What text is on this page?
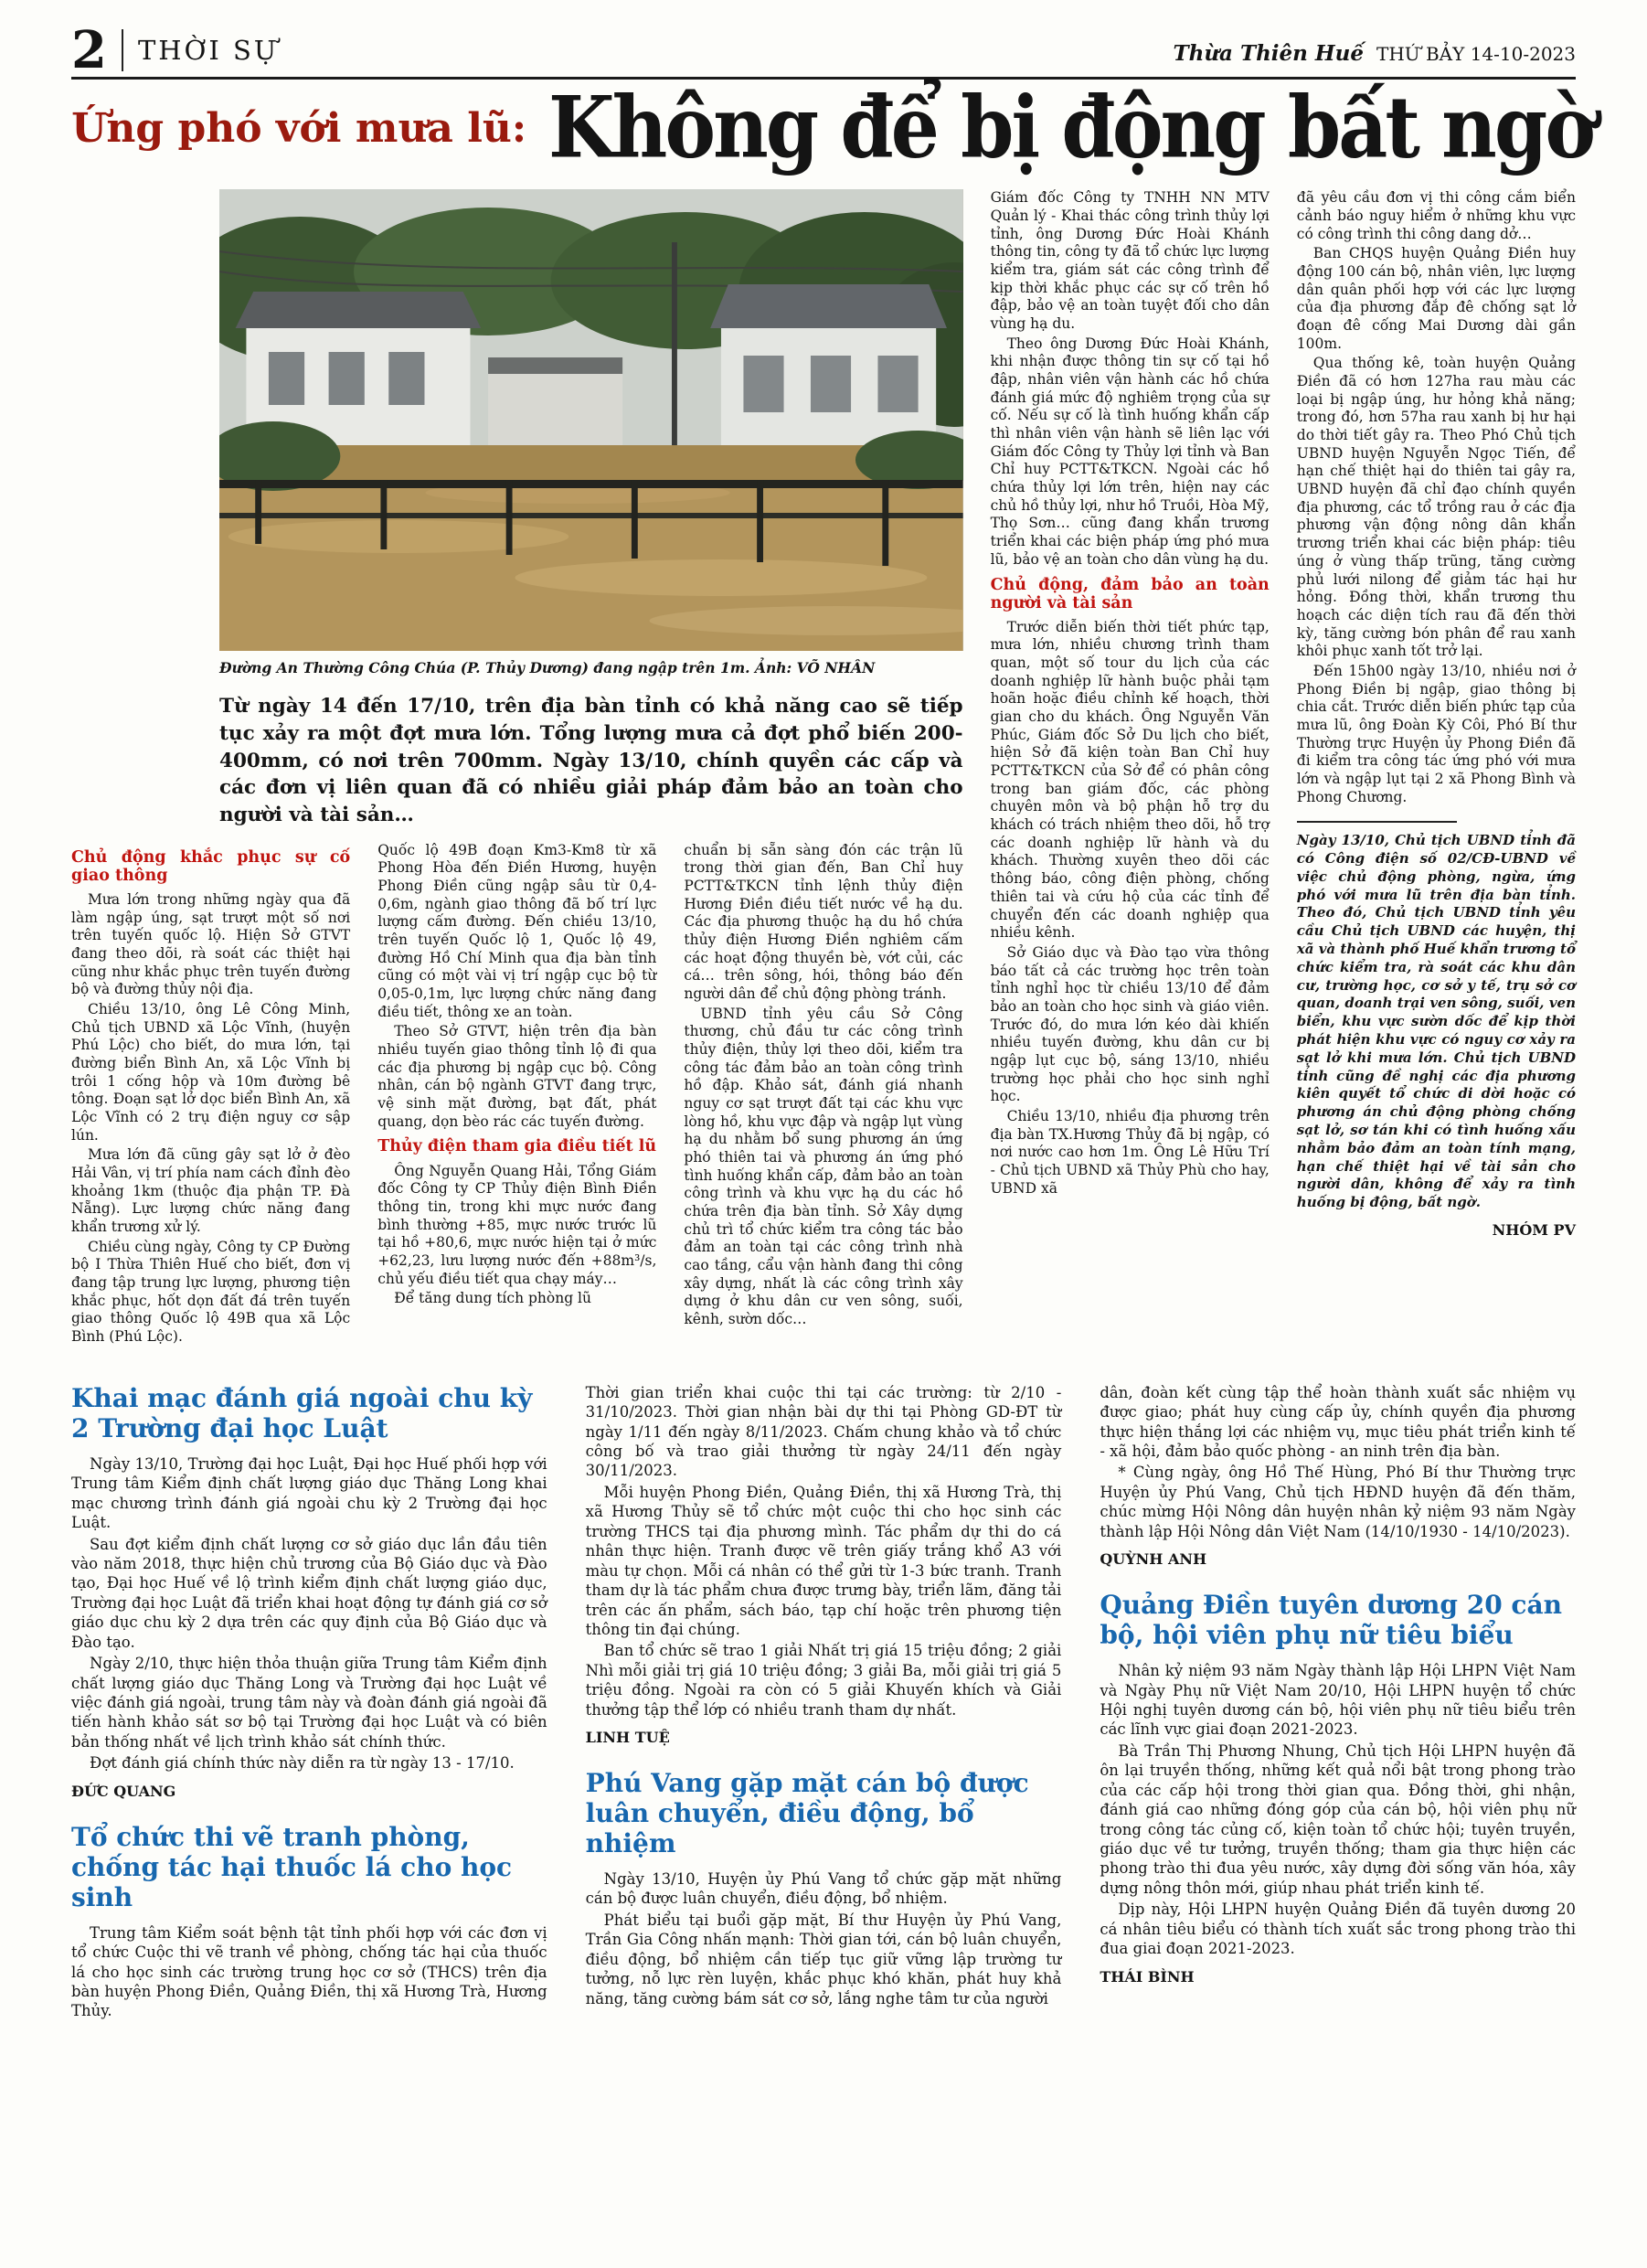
2 THỜI SỰ	Thừa Thiên Huế THỨ BẢY 14-10-2023
Ứng phó với mưa lũ: Không để bị động bất ngờ
Đường An Thường Công Chúa (P. Thủy Dương) đang ngập trên 1m. Ảnh: VÕ NHÂN

Từ ngày 14 đến 17/10, trên địa bàn tỉnh có khả năng cao sẽ tiếp tục xảy ra một đợt mưa lớn. Tổng lượng mưa cả đợt phổ biến 200-400mm, có nơi trên 700mm. Ngày 13/10, chính quyền các cấp và các đơn vị liên quan đã có nhiều giải pháp đảm bảo an toàn cho người và tài sản…

Chủ động khắc phục sự cố giao thông

Mưa lớn trong những ngày qua đã làm ngập úng, sạt trượt một số nơi trên tuyến quốc lộ. Hiện Sở GTVT đang theo dõi, rà soát các thiệt hại cũng như khắc phục trên tuyến đường bộ và đường thủy nội địa.

Chiều 13/10, ông Lê Công Minh, Chủ tịch UBND xã Lộc Vĩnh, (huyện Phú Lộc) cho biết, do mưa lớn, tại đường biển Bình An, xã Lộc Vĩnh bị trôi 1 cống hộp và 10m đường bê tông. Đoạn sạt lở dọc biển Bình An, xã Lộc Vĩnh có 2 trụ điện nguy cơ sập lún.

Mưa lớn đã cũng gây sạt lở ở đèo Hải Vân, vị trí phía nam cách đỉnh đèo khoảng 1km (thuộc địa phận TP. Đà Nẵng). Lực lượng chức năng đang khẩn trương xử lý.

Chiều cùng ngày, Công ty CP Đường bộ I Thừa Thiên Huế cho biết, đơn vị đang tập trung lực lượng, phương tiện khắc phục, hốt dọn đất đá trên tuyến giao thông Quốc lộ 49B qua xã Lộc Bình (Phú Lộc).

Quốc lộ 49B đoạn Km3-Km8 từ xã Phong Hòa đến Điền Hương, huyện Phong Điền cũng ngập sâu từ 0,4-0,6m, ngành giao thông đã bố trí lực lượng cấm đường. Đến chiều 13/10, trên tuyến Quốc lộ 1, Quốc lộ 49, đường Hồ Chí Minh qua địa bàn tỉnh cũng có một vài vị trí ngập cục bộ từ 0,05-0,1m, lực lượng chức năng đang điều tiết, thông xe an toàn.

Theo Sở GTVT, hiện trên địa bàn nhiều tuyến giao thông tỉnh lộ đi qua các địa phương bị ngập cục bộ. Công nhân, cán bộ ngành GTVT đang trực, vệ sinh mặt đường, bạt đất, phát quang, dọn bèo rác các tuyến đường.

Thủy điện tham gia điều tiết lũ

Ông Nguyễn Quang Hải, Tổng Giám đốc Công ty CP Thủy điện Bình Điền thông tin, trong khi mực nước đang bình thường +85, mực nước trước lũ tại hồ +80,6, mực nước hiện tại ở mức +62,23, lưu lượng nước đến +88m³/s, chủ yếu điều tiết qua chạy máy…

Để tăng dung tích phòng lũ

chuẩn bị sẵn sàng đón các trận lũ trong thời gian đến, Ban Chỉ huy PCTT&TKCN tỉnh lệnh thủy điện Hương Điền điều tiết nước về hạ du. Các địa phương thuộc hạ du hồ chứa thủy điện Hương Điền nghiêm cấm các hoạt động thuyền bè, vớt củi, các cá… trên sông, hói, thông báo đến người dân để chủ động phòng tránh.

UBND tỉnh yêu cầu Sở Công thương, chủ đầu tư các công trình thủy điện, thủy lợi theo dõi, kiểm tra công tác đảm bảo an toàn công trình hồ đập. Khảo sát, đánh giá nhanh nguy cơ sạt trượt đất tại các khu vực lòng hồ, khu vực đập và ngập lụt vùng hạ du nhằm bổ sung phương án ứng phó thiên tai và phương án ứng phó tình huống khẩn cấp, đảm bảo an toàn công trình và khu vực hạ du các hồ chứa trên địa bàn tỉnh. Sở Xây dựng chủ trì tổ chức kiểm tra công tác bảo đảm an toàn tại các công trình nhà cao tầng, cẩu vận hành đang thi công xây dựng, nhất là các công trình xây dựng ở khu dân cư ven sông, suối, kênh, sườn dốc…

Giám đốc Công ty TNHH NN MTV Quản lý - Khai thác công trình thủy lợi tỉnh, ông Dương Đức Hoài Khánh thông tin, công ty đã tổ chức lực lượng kiểm tra, giám sát các công trình để kịp thời khắc phục các sự cố trên hồ đập, bảo vệ an toàn tuyệt đối cho dân vùng hạ du.

Theo ông Dương Đức Hoài Khánh, khi nhận được thông tin sự cố tại hồ đập, nhân viên vận hành các hồ chứa đánh giá mức độ nghiêm trọng của sự cố. Nếu sự cố là tình huống khẩn cấp thì nhân viên vận hành sẽ liên lạc với Giám đốc Công ty Thủy lợi tỉnh và Ban Chỉ huy PCTT&TKCN. Ngoài các hồ chứa thủy lợi lớn trên, hiện nay các chủ hồ thủy lợi, như hồ Truồi, Hòa Mỹ, Thọ Sơn… cũng đang khẩn trương triển khai các biện pháp ứng phó mưa lũ, bảo vệ an toàn cho dân vùng hạ du.

Chủ động, đảm bảo an toàn người và tài sản

Trước diễn biến thời tiết phức tạp, mưa lớn, nhiều chương trình tham quan, một số tour du lịch của các doanh nghiệp lữ hành buộc phải tạm hoãn hoặc điều chỉnh kế hoạch, thời gian cho du khách. Ông Nguyễn Văn Phúc, Giám đốc Sở Du lịch cho biết, hiện Sở đã kiện toàn Ban Chỉ huy PCTT&TKCN của Sở để có phân công trong ban giám đốc, các phòng chuyên môn và bộ phận hỗ trợ du khách có trách nhiệm theo dõi, hỗ trợ các doanh nghiệp lữ hành và du khách. Thường xuyên theo dõi các thông báo, công điện phòng, chống thiên tai và cứu hộ của các tỉnh để chuyển đến các doanh nghiệp qua nhiều kênh.

Sở Giáo dục và Đào tạo vừa thông báo tất cả các trường học trên toàn tỉnh nghỉ học từ chiều 13/10 để đảm bảo an toàn cho học sinh và giáo viên. Trước đó, do mưa lớn kéo dài khiến nhiều tuyến đường, khu dân cư bị ngập lụt cục bộ, sáng 13/10, nhiều trường học phải cho học sinh nghỉ học.

Chiều 13/10, nhiều địa phương trên địa bàn TX.Hương Thủy đã bị ngập, có nơi nước cao hơn 1m. Ông Lê Hữu Trí - Chủ tịch UBND xã Thủy Phù cho hay, UBND xã

đã yêu cầu đơn vị thi công cắm biển cảnh báo nguy hiểm ở những khu vực có công trình thi công dang dở…

Ban CHQS huyện Quảng Điền huy động 100 cán bộ, nhân viên, lực lượng dân quân phối hợp với các lực lượng của địa phương đắp đê chống sạt lở đoạn đê cống Mai Dương dài gần 100m.

Qua thống kê, toàn huyện Quảng Điền đã có hơn 127ha rau màu các loại bị ngập úng, hư hỏng khả năng; trong đó, hơn 57ha rau xanh bị hư hại do thời tiết gây ra. Theo Phó Chủ tịch UBND huyện Nguyễn Ngọc Tiến, để hạn chế thiệt hại do thiên tai gây ra, UBND huyện đã chỉ đạo chính quyền địa phương, các tổ trồng rau ở các địa phương vận động nông dân khẩn trương triển khai các biện pháp: tiêu úng ở vùng thấp trũng, tăng cường phủ lưới nilong để giảm tác hại hư hỏng. Đồng thời, khẩn trương thu hoạch các diện tích rau đã đến thời kỳ, tăng cường bón phân để rau xanh khôi phục xanh tốt trở lại.

Đến 15h00 ngày 13/10, nhiều nơi ở Phong Điền bị ngập, giao thông bị chia cắt. Trước diễn biến phức tạp của mưa lũ, ông Đoàn Kỳ Côi, Phó Bí thư Thường trực Huyện ủy Phong Điền đã đi kiểm tra công tác ứng phó với mưa lớn và ngập lụt tại 2 xã Phong Bình và Phong Chương.

Ngày 13/10, Chủ tịch UBND tỉnh đã có Công điện số 02/CĐ-UBND về việc chủ động phòng, ngừa, ứng phó với mưa lũ trên địa bàn tỉnh. Theo đó, Chủ tịch UBND tỉnh yêu cầu Chủ tịch UBND các huyện, thị xã và thành phố Huế khẩn trương tổ chức kiểm tra, rà soát các khu dân cư, trường học, cơ sở y tế, trụ sở cơ quan, doanh trại ven sông, suối, ven biển, khu vực sườn dốc để kịp thời phát hiện khu vực có nguy cơ xảy ra sạt lở khi mưa lớn. Chủ tịch UBND tỉnh cũng đề nghị các địa phương kiên quyết tổ chức di dời hoặc có phương án chủ động phòng chống sạt lở, sơ tán khi có tình huống xấu nhằm bảo đảm an toàn tính mạng, hạn chế thiệt hại về tài sản cho người dân, không để xảy ra tình huống bị động, bất ngờ.

NHÓM PV

Khai mạc đánh giá ngoài chu kỳ 2 Trường đại học Luật

Ngày 13/10, Trường đại học Luật, Đại học Huế phối hợp với Trung tâm Kiểm định chất lượng giáo dục Thăng Long khai mạc chương trình đánh giá ngoài chu kỳ 2 Trường đại học Luật.

Sau đợt kiểm định chất lượng cơ sở giáo dục lần đầu tiên vào năm 2018, thực hiện chủ trương của Bộ Giáo dục và Đào tạo, Đại học Huế về lộ trình kiểm định chất lượng giáo dục, Trường đại học Luật đã triển khai hoạt động tự đánh giá cơ sở giáo dục chu kỳ 2 dựa trên các quy định của Bộ Giáo dục và Đào tạo.

Ngày 2/10, thực hiện thỏa thuận giữa Trung tâm Kiểm định chất lượng giáo dục Thăng Long và Trường đại học Luật về việc đánh giá ngoài, trung tâm này và đoàn đánh giá ngoài đã tiến hành khảo sát sơ bộ tại Trường đại học Luật và có biên bản thống nhất về lịch trình khảo sát chính thức.

Đợt đánh giá chính thức này diễn ra từ ngày 13 - 17/10.

ĐỨC QUANG

Tổ chức thi vẽ tranh phòng, chống tác hại thuốc lá cho học sinh

Trung tâm Kiểm soát bệnh tật tỉnh phối hợp với các đơn vị tổ chức Cuộc thi vẽ tranh về phòng, chống tác hại của thuốc lá cho học sinh các trường trung học cơ sở (THCS) trên địa bàn huyện Phong Điền, Quảng Điền, thị xã Hương Trà, Hương Thủy.

Thời gian triển khai cuộc thi tại các trường: từ 2/10 - 31/10/2023. Thời gian nhận bài dự thi tại Phòng GD-ĐT từ ngày 1/11 đến ngày 8/11/2023. Chấm chung khảo và tổ chức công bố và trao giải thưởng từ ngày 24/11 đến ngày 30/11/2023.

Mỗi huyện Phong Điền, Quảng Điền, thị xã Hương Trà, thị xã Hương Thủy sẽ tổ chức một cuộc thi cho học sinh các trường THCS tại địa phương mình. Tác phẩm dự thi do cá nhân thực hiện. Tranh được vẽ trên giấy trắng khổ A3 với màu tự chọn. Mỗi cá nhân có thể gửi từ 1-3 bức tranh. Tranh tham dự là tác phẩm chưa được trưng bày, triển lãm, đăng tải trên các ấn phẩm, sách báo, tạp chí hoặc trên phương tiện thông tin đại chúng.

Ban tổ chức sẽ trao 1 giải Nhất trị giá 15 triệu đồng; 2 giải Nhì mỗi giải trị giá 10 triệu đồng; 3 giải Ba, mỗi giải trị giá 5 triệu đồng. Ngoài ra còn có 5 giải Khuyến khích và Giải thưởng tập thể lớp có nhiều tranh tham dự nhất.

LINH TUỆ

Phú Vang gặp mặt cán bộ được luân chuyển, điều động, bổ nhiệm

Ngày 13/10, Huyện ủy Phú Vang tổ chức gặp mặt những cán bộ được luân chuyển, điều động, bổ nhiệm.

Phát biểu tại buổi gặp mặt, Bí thư Huyện ủy Phú Vang, Trần Gia Công nhấn mạnh: Thời gian tới, cán bộ luân chuyển, điều động, bổ nhiệm cần tiếp tục giữ vững lập trường tư tưởng, nỗ lực rèn luyện, khắc phục khó khăn, phát huy khả năng, tăng cường bám sát cơ sở, lắng nghe tâm tư của người

dân, đoàn kết cùng tập thể hoàn thành xuất sắc nhiệm vụ được giao; phát huy cùng cấp ủy, chính quyền địa phương thực hiện thắng lợi các nhiệm vụ, mục tiêu phát triển kinh tế - xã hội, đảm bảo quốc phòng - an ninh trên địa bàn.

* Cùng ngày, ông Hồ Thế Hùng, Phó Bí thư Thường trực Huyện ủy Phú Vang, Chủ tịch HĐND huyện đã đến thăm, chúc mừng Hội Nông dân huyện nhân kỷ niệm 93 năm Ngày thành lập Hội Nông dân Việt Nam (14/10/1930 - 14/10/2023).

QUỲNH ANH

Quảng Điền tuyên dương 20 cán bộ, hội viên phụ nữ tiêu biểu

Nhân kỷ niệm 93 năm Ngày thành lập Hội LHPN Việt Nam và Ngày Phụ nữ Việt Nam 20/10, Hội LHPN huyện tổ chức Hội nghị tuyên dương cán bộ, hội viên phụ nữ tiêu biểu trên các lĩnh vực giai đoạn 2021-2023.

Bà Trần Thị Phương Nhung, Chủ tịch Hội LHPN huyện đã ôn lại truyền thống, những kết quả nổi bật trong phong trào của các cấp hội trong thời gian qua. Đồng thời, ghi nhận, đánh giá cao những đóng góp của cán bộ, hội viên phụ nữ trong công tác củng cố, kiện toàn tổ chức hội; tuyên truyền, giáo dục về tư tưởng, truyền thống; tham gia thực hiện các phong trào thi đua yêu nước, xây dựng đời sống văn hóa, xây dựng nông thôn mới, giúp nhau phát triển kinh tế.

Dịp này, Hội LHPN huyện Quảng Điền đã tuyên dương 20 cá nhân tiêu biểu có thành tích xuất sắc trong phong trào thi đua giai đoạn 2021-2023.

THÁI BÌNH
